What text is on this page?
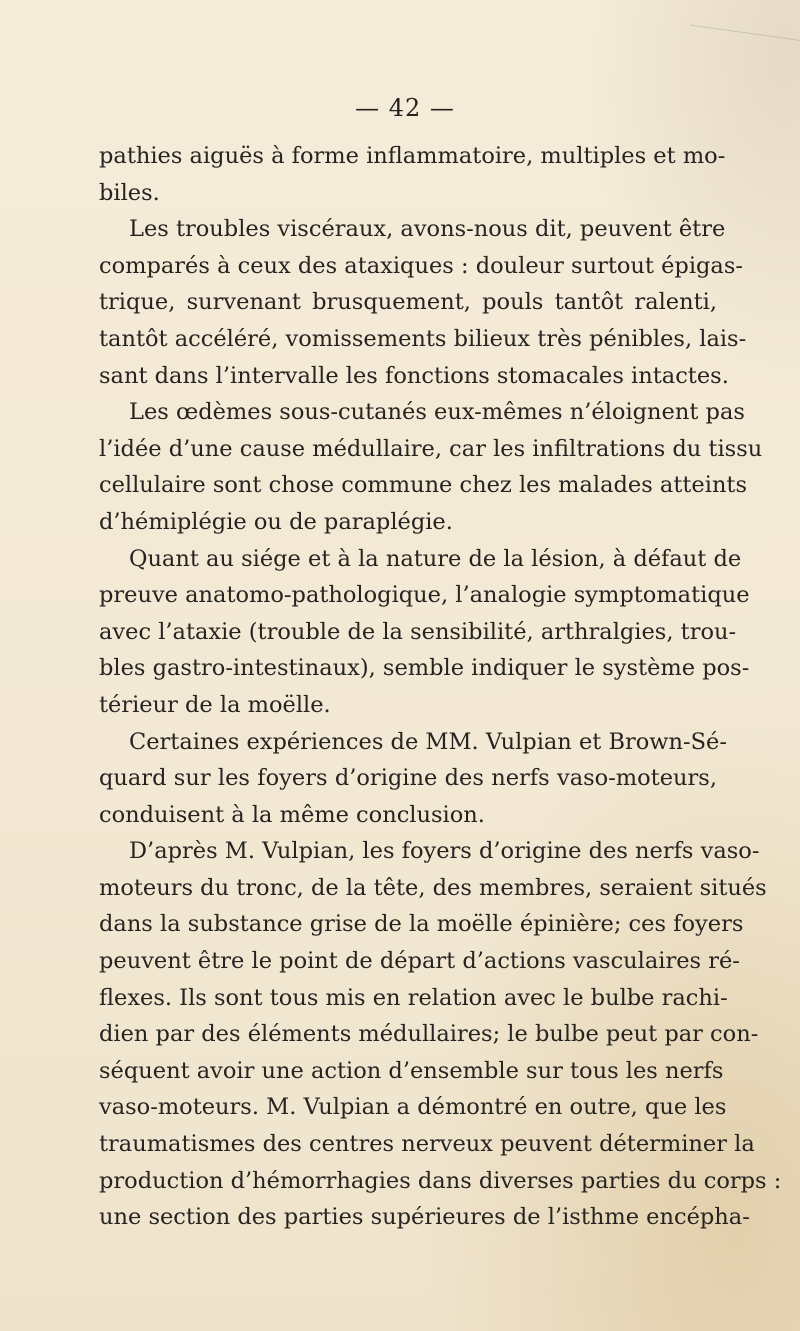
— 42 —
pathies aiguës à forme inflammatoire, multiples et mo-
biles.
Les troubles viscéraux, avons-nous dit, peuvent être
comparés à ceux des ataxiques : douleur surtout épigas-
trique, survenant brusquement, pouls tantôt ralenti,
tantôt accéléré, vomissements bilieux très pénibles, lais-
sant dans l’intervalle les fonctions stomacales intactes.
Les œdèmes sous-cutanés eux-mêmes n’éloignent pas
l’idée d’une cause médullaire, car les infiltrations du tissu
cellulaire sont chose commune chez les malades atteints
d’hémiplégie ou de paraplégie.
Quant au siége et à la nature de la lésion, à défaut de
preuve anatomo-pathologique, l’analogie symptomatique
avec l’ataxie (trouble de la sensibilité, arthralgies, trou-
bles gastro-intestinaux), semble indiquer le système pos-
térieur de la moëlle.
Certaines expériences de MM. Vulpian et Brown-Sé-
quard sur les foyers d’origine des nerfs vaso-moteurs,
conduisent à la même conclusion.
D’après M. Vulpian, les foyers d’origine des nerfs vaso-
moteurs du tronc, de la tête, des membres, seraient situés
dans la substance grise de la moëlle épinière; ces foyers
peuvent être le point de départ d’actions vasculaires ré-
flexes. Ils sont tous mis en relation avec le bulbe rachi-
dien par des éléments médullaires; le bulbe peut par con-
séquent avoir une action d’ensemble sur tous les nerfs
vaso-moteurs. M. Vulpian a démontré en outre, que les
traumatismes des centres nerveux peuvent déterminer la
production d’hémorrhagies dans diverses parties du corps :
une section des parties supérieures de l’isthme encépha-
